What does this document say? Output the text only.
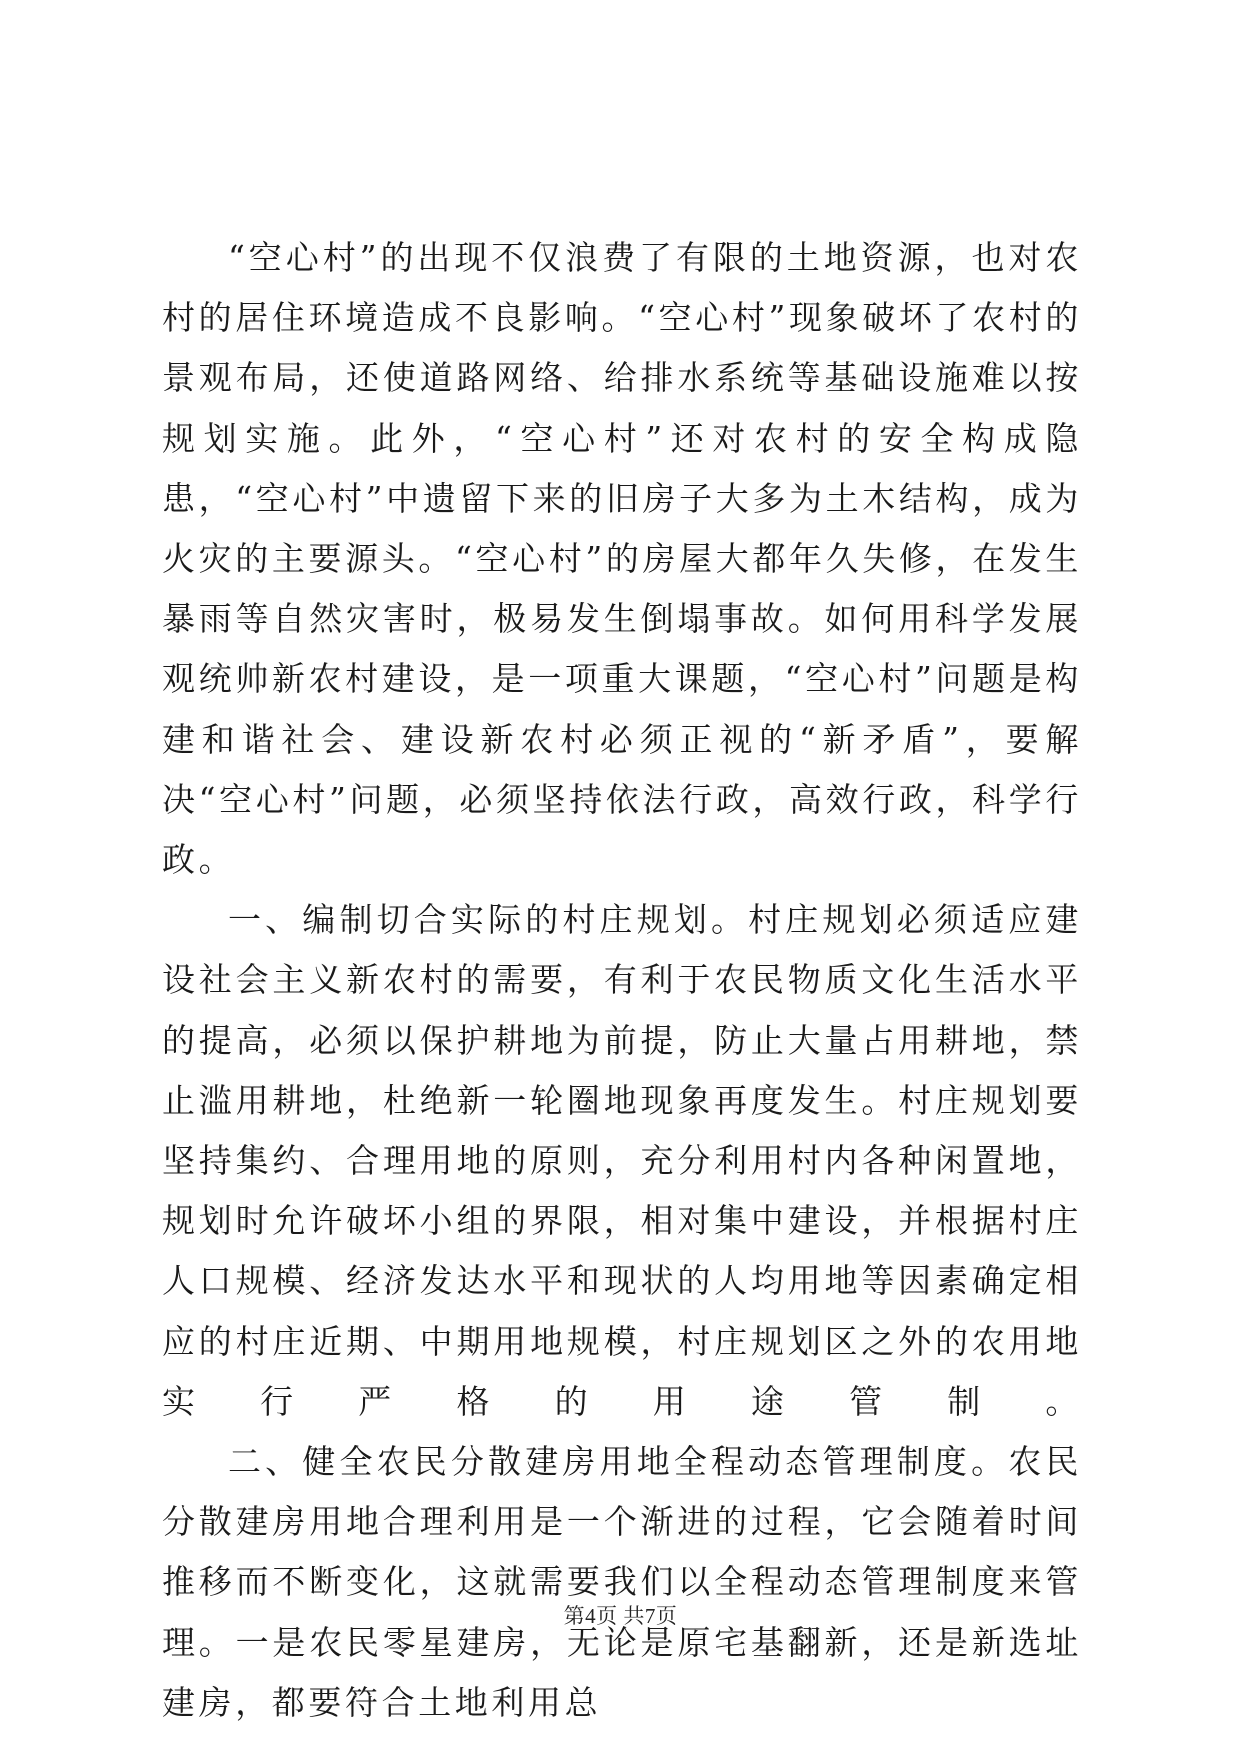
“空心村”的出现不仅浪费了有限的土地资源，也对农村的居住环境造成不良影响。“空心村”现象破坏了农村的景观布局，还使道路网络、给排水系统等基础设施难以按规划实施。此外，“空心村”还对农村的安全构成隐患，“空心村”中遗留下来的旧房子大多为土木结构，成为火灾的主要源头。“空心村”的房屋大都年久失修，在发生暴雨等自然灾害时，极易发生倒塌事故。如何用科学发展观统帅新农村建设，是一项重大课题，“空心村”问题是构建和谐社会、建设新农村必须正视的“新矛盾”，要解决“空心村”问题，必须坚持依法行政，高效行政，科学行政。

一、编制切合实际的村庄规划。村庄规划必须适应建设社会主义新农村的需要，有利于农民物质文化生活水平的提高，必须以保护耕地为前提，防止大量占用耕地，禁止滥用耕地，杜绝新一轮圈地现象再度发生。村庄规划要坚持集约、合理用地的原则，充分利用村内各种闲置地，规划时允许破坏小组的界限，相对集中建设，并根据村庄人口规模、经济发达水平和现状的人均用地等因素确定相应的村庄近期、中期用地规模，村庄规划区之外的农用地实行严格的用途管制。

二、健全农民分散建房用地全程动态管理制度。农民分散建房用地合理利用是一个渐进的过程，它会随着时间推移而不断变化，这就需要我们以全程动态管理制度来管理。一是农民零星建房，无论是原宅基翻新，还是新选址建房，都要符合土地利用总

第4页 共7页
